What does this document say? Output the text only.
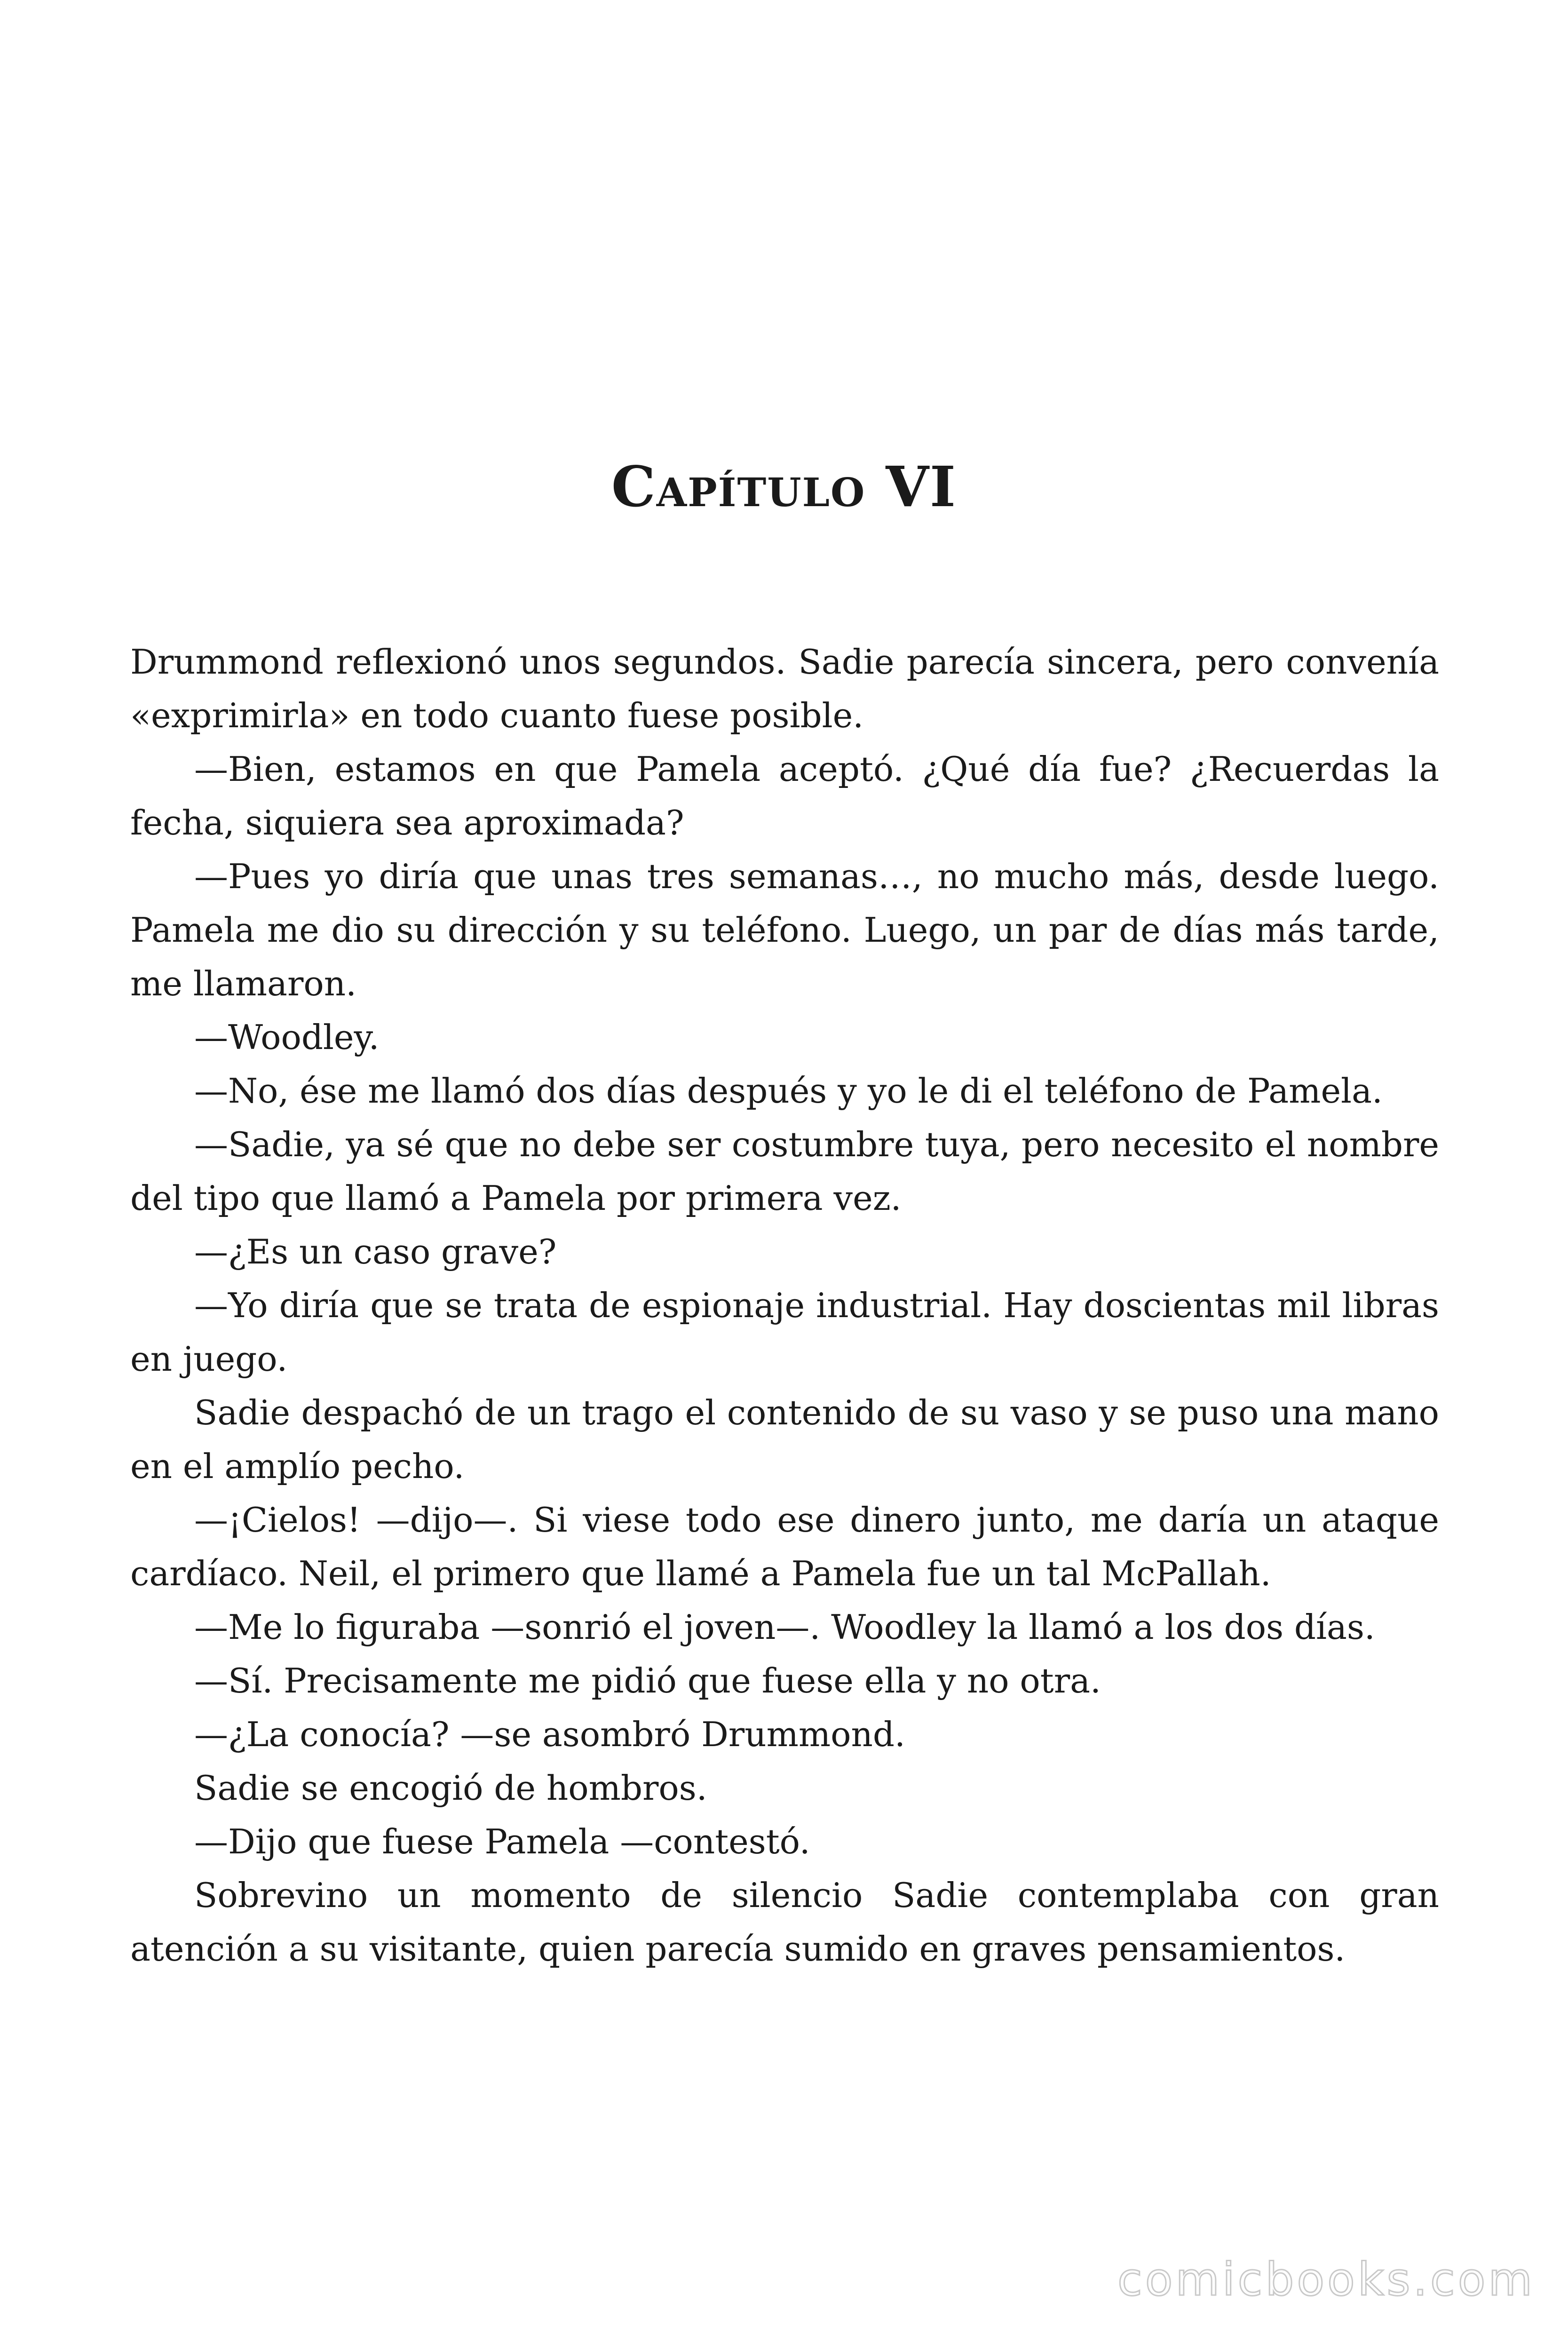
Capítulo VI

Drummond reflexionó unos segundos. Sadie parecía sincera, pero convenía «exprimirla» en todo cuanto fuese posible.

—Bien, estamos en que Pamela aceptó. ¿Qué día fue? ¿Recuerdas la fecha, siquiera sea aproximada?

—Pues yo diría que unas tres semanas…, no mucho más, desde luego. Pamela me dio su dirección y su teléfono. Luego, un par de días más tarde, me llamaron.

—Woodley.

—No, ése me llamó dos días después y yo le di el teléfono de Pamela.

—Sadie, ya sé que no debe ser costumbre tuya, pero necesito el nombre del tipo que llamó a Pamela por primera vez.

—¿Es un caso grave?

—Yo diría que se trata de espionaje industrial. Hay doscientas mil libras en juego.

Sadie despachó de un trago el contenido de su vaso y se puso una mano en el amplío pecho.

—¡Cielos! —dijo—. Si viese todo ese dinero junto, me daría un ataque cardíaco. Neil, el primero que llamé a Pamela fue un tal McPallah.

—Me lo figuraba —sonrió el joven—. Woodley la llamó a los dos días.

—Sí. Precisamente me pidió que fuese ella y no otra.

—¿La conocía? —se asombró Drummond.

Sadie se encogió de hombros.

—Dijo que fuese Pamela —contestó.

Sobrevino un momento de silencio Sadie contemplaba con gran atención a su visitante, quien parecía sumido en graves pensamientos.

comicbooks.com
